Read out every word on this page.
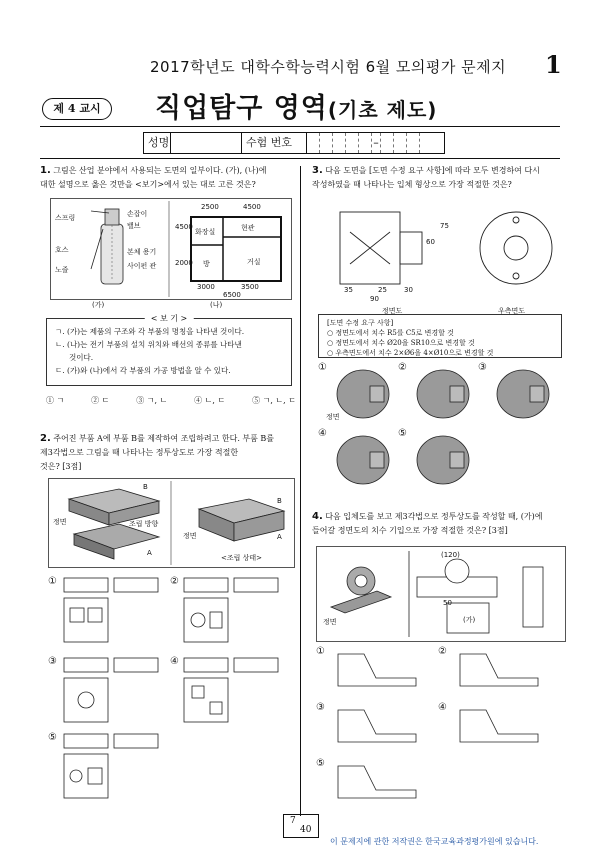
2017학년도 대학수학능력시험 6월 모의평가 문제지 1
제 4 교시	직업탐구 영역(기초 제도)
성명	수험 번호	–
1. 그림은 산업 분야에서 사용되는 도면의 일부이다. (가), (나)에
대한 설명으로 옳은 것만을 <보기>에서 있는 대로 고른 것은?
스프링	손잡이
밸브
호스	본체 용기
노즐	사이펀 관
2500	4500
화장실	현관
방	거실
3000	3500
6500
4500
2000
(가)	(나)
< 보 기 >
ㄱ. (가)는 제품의 구조와 각 부품의 명칭을 나타낸 것이다.
ㄴ. (나)는 전기 부품의 설치 위치와 배선의 종류를 나타낸
것이다.
ㄷ. (가)와 (나)에서 각 부품의 가공 방법을 알 수 있다.
① ㄱ	② ㄷ	③ ㄱ, ㄴ	④ ㄴ, ㄷ	⑤ ㄱ, ㄴ, ㄷ
2. 주어진 부품 A에 부품 B를 제작하여 조립하려고 한다. 부품 B를
제3각법으로 그림을 때 나타나는 정투상도로 가장 적절한
것은? [3점]
정면	조립 방향
B
A
정면
B
A
<조립 상태>
①	②
③	④
⑤
3. 다음 도면을 [도면 수정 요구 사항]에 따라 모두 변경하여 다시
작성하였을 때 나타나는 입체 형상으로 가장 적절한 것은?
35	25 30
90
60
75
정면도	우측면도
[도면 수정 요구 사항]
○ 정면도에서 치수 R5를 C5로 변경할 것
○ 정면도에서 치수 Ø20을 SR10으로 변경할 것
○ 우측면도에서 치수 2×Ø6을 4×Ø10으로 변경할 것
①	②	③
④	⑤
정면
4. 다음 입체도를 보고 제3각법으로 정투상도를 작성할 때, (가)에
들어갈 정면도의 치수 기입으로 가장 적절한 것은? [3점]
정면	(가)
50
(120)
①	②
③	④
⑤
7
40
이 문제지에 관한 저작권은 한국교육과정평가원에 있습니다.
